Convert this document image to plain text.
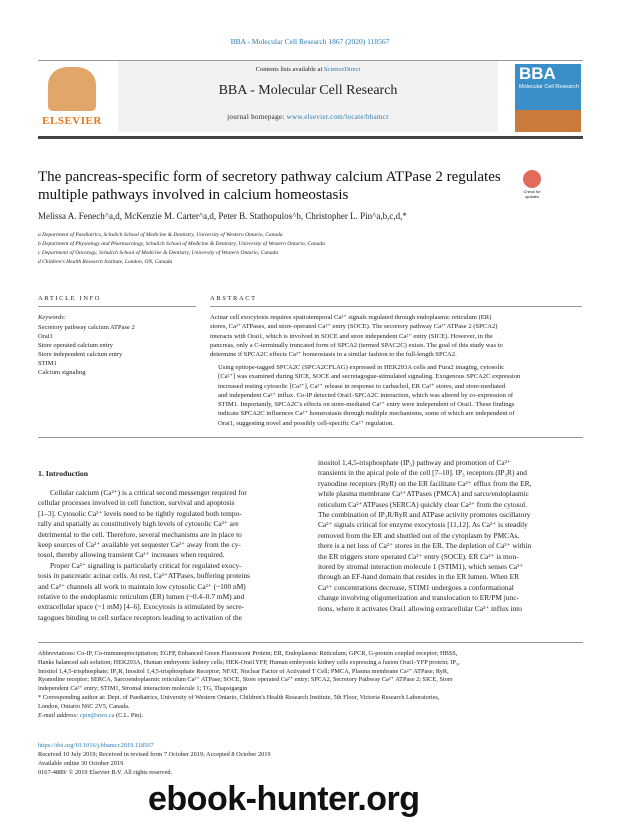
BBA - Molecular Cell Research 1867 (2020) 118567
ELSEVIER
Contents lists available at ScienceDirect
BBA - Molecular Cell Research
journal homepage: www.elsevier.com/locate/bbamcr
BBA
Molecular Cell Research
The pancreas-specific form of secretory pathway calcium ATPase 2 regulates
multiple pathways involved in calcium homeostasis	Check for updates
Melissa A. Fenech^a,d, McKenzie M. Carter^a,d, Peter B. Stathopulos^b, Christopher L. Pin^a,b,c,d,*
a Department of Paediatrics, Schulich School of Medicine & Dentistry, University of Western Ontario, Canada
b Department of Physiology and Pharmacology, Schulich School of Medicine & Dentistry, University of Western Ontario, Canada
c Department of Oncology, Schulich School of Medicine & Dentistry, University of Western Ontario, Canada
d Children's Health Research Institute, London, ON, Canada
ARTICLE INFO	ABSTRACT
Keywords:
Secretory pathway calcium ATPase 2
Orai1
Store operated calcium entry
Store independent calcium entry
STIM1
Calcium signaling
Acinar cell exocytosis requires spatiotemporal Ca²⁺ signals regulated through endoplasmic reticulum (ER)
stores, Ca²⁺ATPases, and store-operated Ca²⁺ entry (SOCE). The secretory pathway Ca²⁺ATPase 2 (SPCA2)
interacts with Orai1, which is involved in SOCE and store independent Ca²⁺ entry (SICE). However, in the
pancreas, only a C-terminally truncated form of SPCA2 (termed SPAC2C) exists. The goal of this study was to
determine if SPCA2C effects Ca²⁺ homeostasis in a similar fashion to the full-length SPCA2.
Using epitope-tagged SPCA2C (SPCA2CFLAG) expressed in HEK293A cells and Fura2 imaging, cytosolic
[Ca²⁺] was examined during SICE, SOCE and secretagogue-stimulated signaling. Exogenous SPCA2C expression
increased resting cytosolic [Ca²⁺], Ca²⁺ release in response to carbachol, ER Ca²⁺ stores, and store-mediated
and independent Ca²⁺ influx. Co-IP detected Orai1-SPCA2C interaction, which was altered by co-expression of
STIM1. Importantly, SPCA2C's effects on store-mediated Ca²⁺ entry were independent of Orai1. These findings
indicate SPCA2C influences Ca²⁺ homeostasis through multiple mechanisms, some of which are independent of
Orai1, suggesting novel and possibly cell-specific Ca²⁺ regulation.
1. Introduction
Cellular calcium (Ca²⁺) is a critical second messenger required for
cellular processes involved in cell function, survival and apoptosis
[1–3]. Cytosolic Ca²⁺ levels need to be tightly regulated both tempo-
rally and spatially as constitutively high levels of cytosolic Ca²⁺ are
detrimental to the cell. Therefore, several mechanisms are in place to
keep sources of Ca²⁺ available yet sequester Ca²⁺ away from the cy-
tosol, thereby allowing transient Ca²⁺ increases when required.
Proper Ca²⁺ signaling is particularly critical for regulated exocy-
tosis in pancreatic acinar cells. At rest, Ca²⁺ATPases, buffering proteins
and Ca²⁺ channels all work to maintain low cytosolic Ca²⁺ (~100 nM)
relative to the endoplasmic reticulum (ER) lumen (~0.4–0.7 mM) and
extracellular space (~1 mM) [4–6]. Exocytosis is stimulated by secre-
tagogues binding to cell surface receptors leading to activation of the
inositol 1,4,5-trisphosphate (IP₃) pathway and promotion of Ca²⁺
transients in the apical pole of the cell [7–10]. IP₃ receptors (IP₃R) and
ryanodine receptors (RyR) on the ER facilitate Ca²⁺ efflux from the ER,
while plasma membrane Ca²⁺ATPases (PMCA) and sarco/endoplasmic
reticulum Ca²⁺ATPases (SERCA) quickly clear Ca²⁺ from the cytosol.
The combination of IP₃R/RyR and ATPase activity promotes oscillatory
Ca²⁺ signals critical for enzyme exocytosis [11,12]. As Ca²⁺ is steadily
removed from the ER and shuttled out of the cytoplasm by PMCAs,
there is a net loss of Ca²⁺ stores in the ER. The depletion of Ca²⁺ within
the ER triggers store operated Ca²⁺ entry (SOCE). ER Ca²⁺ is mon-
itored by stromal interaction molecule 1 (STIM1), which senses Ca²⁺
through an EF-hand domain that resides in the ER lumen. When ER
Ca²⁺ concentrations decrease, STIM1 undergoes a conformational
change involving oligomerization and translocation to ER/PM junc-
tions, where it activates Orai1 allowing extracellular Ca²⁺ influx into
Abbreviations: Co-IP, Co-immunoprecipitation; EGFP, Enhanced Green Fluorescent Protein; ER, Endoplasmic Reticulum; GPCR, G-protein coupled receptor; HBSS,
Hanks balanced salt solution; HEK293A, Human embryonic kidney cells; HEK-Orai1YFP, Human embryonic kidney cells expressing a fusion Orai1-YFP protein; IP₃,
Inositol 1,4,5-trisphosphate; IP₃R, Inositol 1,4,5-trisphosphate Receptor; NFAT, Nuclear Factor of Activated T Cell; PMCA, Plasma membrane Ca²⁺ ATPase; RyR,
Ryanodine receptor; SERCA, Sarcoendoplasmic reticulum Ca²⁺ ATPase; SOCE, Store operated Ca²⁺ entry; SPCA2, Secretory Pathway Ca²⁺ ATPase 2; SICE, Store
independent Ca²⁺ entry; STIM1, Stromal interaction molecule 1; TG, Thapsigargin
* Corresponding author at: Dept. of Paediatrics, University of Western Ontario, Children's Health Research Institute, 5th Floor, Victoria Research Laboratories,
London, Ontario N6C 2V5, Canada.
E-mail address: cpin@uwo.ca (C.L. Pin).
https://doi.org/10.1016/j.bbamcr.2019.118567
Received 10 July 2019; Received in revised form 7 October 2019; Accepted 8 October 2019
Available online 30 October 2019
0167-4889/ © 2019 Elsevier B.V. All rights reserved.
ebook-hunter.org
